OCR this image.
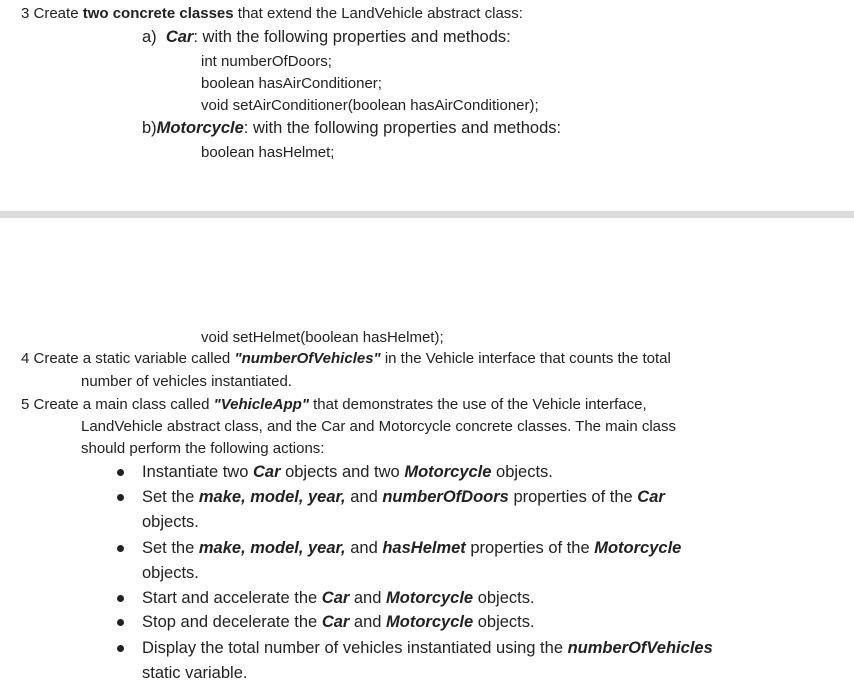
3 Create two concrete classes that extend the LandVehicle abstract class:
a) Car: with the following properties and methods:
int numberOfDoors;
boolean hasAirConditioner;
void setAirConditioner(boolean hasAirConditioner);
b)Motorcycle: with the following properties and methods:
boolean hasHelmet;
void setHelmet(boolean hasHelmet);
4 Create a static variable called "numberOfVehicles" in the Vehicle interface that counts the total
number of vehicles instantiated.
5 Create a main class called "VehicleApp" that demonstrates the use of the Vehicle interface,
LandVehicle abstract class, and the Car and Motorcycle concrete classes. The main class
should perform the following actions:
Instantiate two Car objects and two Motorcycle objects.
Set the make, model, year, and numberOfDoors properties of the Car
objects.
Set the make, model, year, and hasHelmet properties of the Motorcycle
objects.
Start and accelerate the Car and Motorcycle objects.
Stop and decelerate the Car and Motorcycle objects.
Display the total number of vehicles instantiated using the numberOfVehicles
static variable.
